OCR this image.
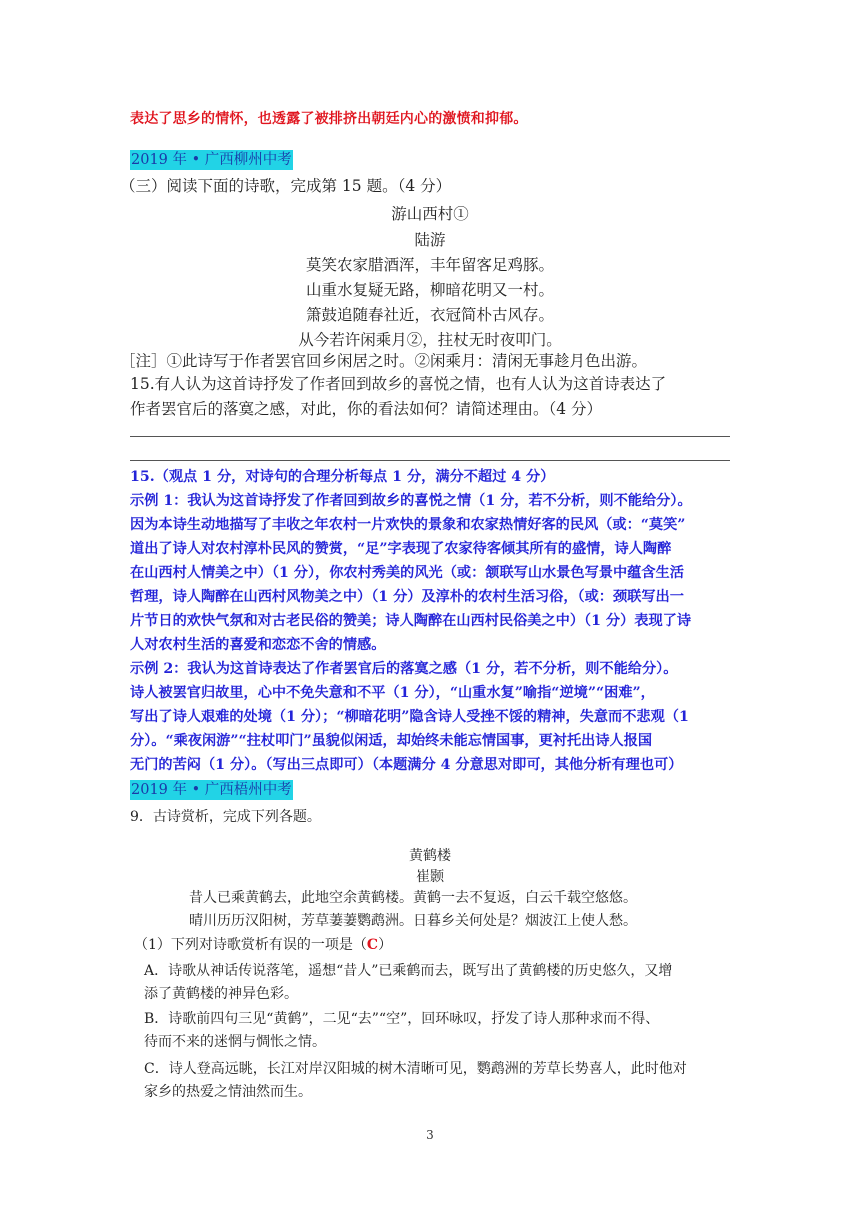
表达了思乡的情怀，也透露了被排挤出朝廷内心的激愤和抑郁。
2019 年 • 广西柳州中考
（三）阅读下面的诗歌，完成第 15 题。（4 分）
游山西村①
陆游
莫笑农家腊酒浑，丰年留客足鸡豚。
山重水复疑无路，柳暗花明又一村。
箫鼓追随春社近，衣冠简朴古风存。
从今若许闲乘月②，拄杖无时夜叩门。
［注］①此诗写于作者罢官回乡闲居之时。②闲乘月：清闲无事趁月色出游。
15.有人认为这首诗抒发了作者回到故乡的喜悦之情，也有人认为这首诗表达了
作者罢官后的落寞之感，对此，你的看法如何？请简述理由。（4 分）
15.（观点 1 分，对诗句的合理分析每点 1 分，满分不超过 4 分）
示例 1：我认为这首诗抒发了作者回到故乡的喜悦之情（1 分，若不分析，则不能给分）。
因为本诗生动地描写了丰收之年农村一片欢快的景象和农家热情好客的民风（或：“莫笑”
道出了诗人对农村淳朴民风的赞赏，“足”字表现了农家待客倾其所有的盛情，诗人陶醉
在山西村人情美之中）（1 分），你农村秀美的风光（或：颔联写山水景色写景中蕴含生活
哲理，诗人陶醉在山西村风物美之中）（1 分）及淳朴的农村生活习俗，（或：颈联写出一
片节日的欢快气氛和对古老民俗的赞美；诗人陶醉在山西村民俗美之中）（1 分）表现了诗
人对农村生活的喜爱和恋恋不舍的情感。
示例 2：我认为这首诗表达了作者罢官后的落寞之感（1 分，若不分析，则不能给分）。
诗人被罢官归故里，心中不免失意和不平（1 分），“山重水复”喻指“逆境”“困难”，
写出了诗人艰难的处境（1 分）；“柳暗花明”隐含诗人受挫不馁的精神，失意而不悲观（1
分）。“乘夜闲游”“拄杖叩门”虽貌似闲适，却始终未能忘情国事，更衬托出诗人报国
无门的苦闷（1 分）。（写出三点即可）（本题满分 4 分意思对即可，其他分析有理也可）
2019 年 • 广西梧州中考
9．古诗赏析，完成下列各题。
黄鹤楼
崔颢
昔人已乘黄鹤去，此地空余黄鹤楼。黄鹤一去不复返，白云千载空悠悠。
晴川历历汉阳树，芳草萋萋鹦鹉洲。日暮乡关何处是？烟波江上使人愁。
（1）下列对诗歌赏析有误的一项是（C）
A．诗歌从神话传说落笔，遥想“昔人”已乘鹤而去，既写出了黄鹤楼的历史悠久，又增
添了黄鹤楼的神异色彩。
B．诗歌前四句三见“黄鹤”，二见“去”“空”，回环咏叹，抒发了诗人那种求而不得、
待而不来的迷惘与惆怅之情。
C．诗人登高远眺，长江对岸汉阳城的树木清晰可见，鹦鹉洲的芳草长势喜人，此时他对
家乡的热爱之情油然而生。
3
